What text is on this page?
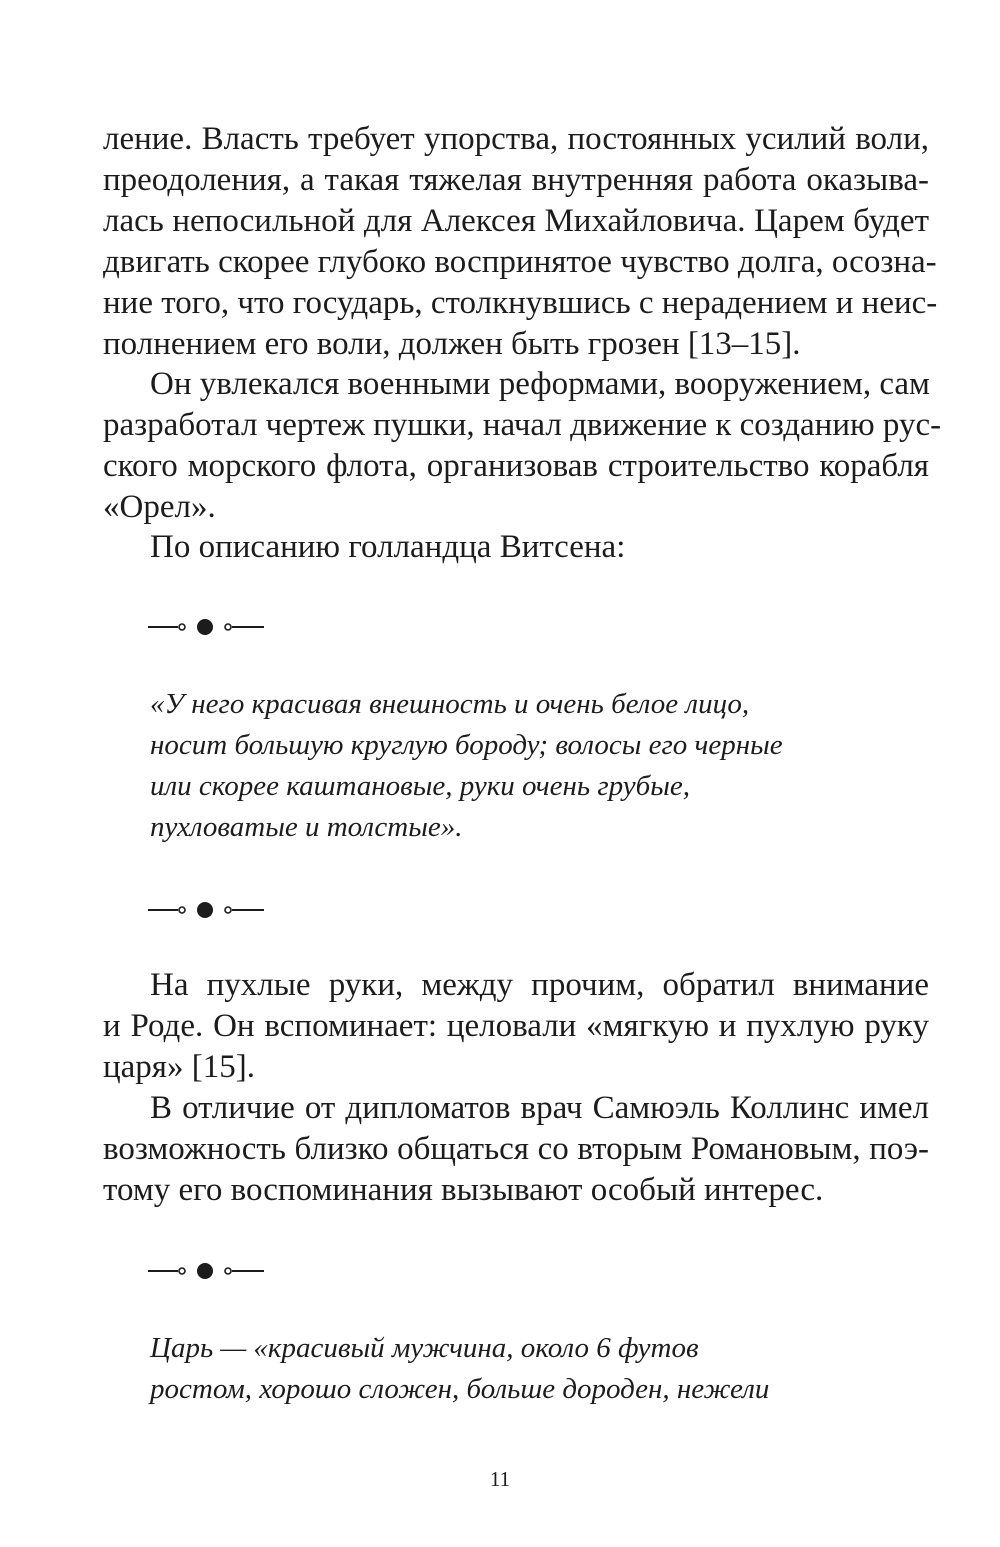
ление. Власть требует упорства, постоянных усилий воли,
преодоления, а такая тяжелая внутренняя работа оказыва-
лась непосильной для Алексея Михайловича. Царем будет
двигать скорее глубоко воспринятое чувство долга, осозна-
ние того, что государь, столкнувшись с нерадением и неис-
полнением его воли, должен быть грозен [13–15].
Он увлекался военными реформами, вооружением, сам
разработал чертеж пушки, начал движение к созданию рус-
ского морского флота, организовав строительство корабля
«Орел».
По описанию голландца Витсена:
«У него красивая внешность и очень белое лицо,
носит большую круглую бороду; волосы его черные
или скорее каштановые, руки очень грубые,
пухловатые и толстые».
На пухлые руки, между прочим, обратил внимание
и Роде. Он вспоминает: целовали «мягкую и пухлую руку
царя» [15].
В отличие от дипломатов врач Самюэль Коллинс имел
возможность близко общаться со вторым Романовым, поэ-
тому его воспоминания вызывают особый интерес.
Царь — «красивый мужчина, около 6 футов
ростом, хорошо сложен, больше дороден, нежели
11
